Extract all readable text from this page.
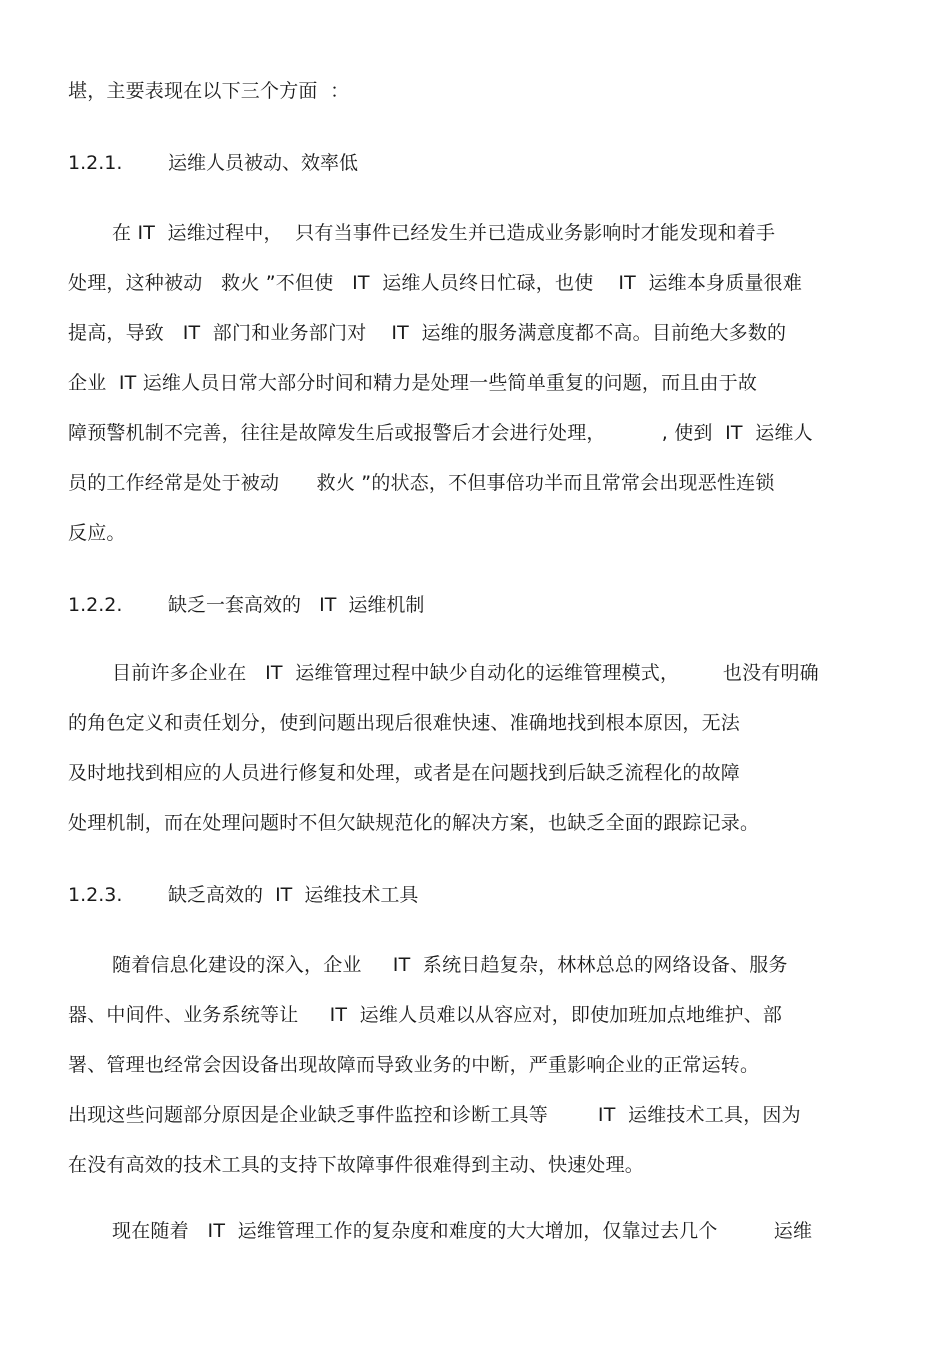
堪，主要表现在以下三个方面  ：
1.2.1. 运维人员被动、效率低
在 IT  运维过程中，  只有当事件已经发生并已造成业务影响时才能发现和着手
处理，这种被动   救火 ”不但使   IT  运维人员终日忙碌，也使    IT  运维本身质量很难
提高，导致   IT  部门和业务部门对    IT  运维的服务满意度都不高。目前绝大多数的
企业  IT 运维人员日常大部分时间和精力是处理一些简单重复的问题，而且由于故
障预警机制不完善，往往是故障发生后或报警后才会进行处理，         , 使到  IT  运维人
员的工作经常是处于被动      救火 ”的状态，不但事倍功半而且常常会出现恶性连锁
反应。
1.2.2. 缺乏一套高效的   IT  运维机制
目前许多企业在   IT  运维管理过程中缺少自动化的运维管理模式，       也没有明确
的角色定义和责任划分，使到问题出现后很难快速、准确地找到根本原因，无法
及时地找到相应的人员进行修复和处理，或者是在问题找到后缺乏流程化的故障
处理机制，而在处理问题时不但欠缺规范化的解决方案，也缺乏全面的跟踪记录。
1.2.3. 缺乏高效的  IT  运维技术工具
随着信息化建设的深入，企业     IT  系统日趋复杂，林林总总的网络设备、服务
器、中间件、业务系统等让     IT  运维人员难以从容应对，即使加班加点地维护、部
署、管理也经常会因设备出现故障而导致业务的中断，严重影响企业的正常运转。
出现这些问题部分原因是企业缺乏事件监控和诊断工具等        IT  运维技术工具，因为
在没有高效的技术工具的支持下故障事件很难得到主动、快速处理。
现在随着   IT  运维管理工作的复杂度和难度的大大增加，仅靠过去几个         运维
